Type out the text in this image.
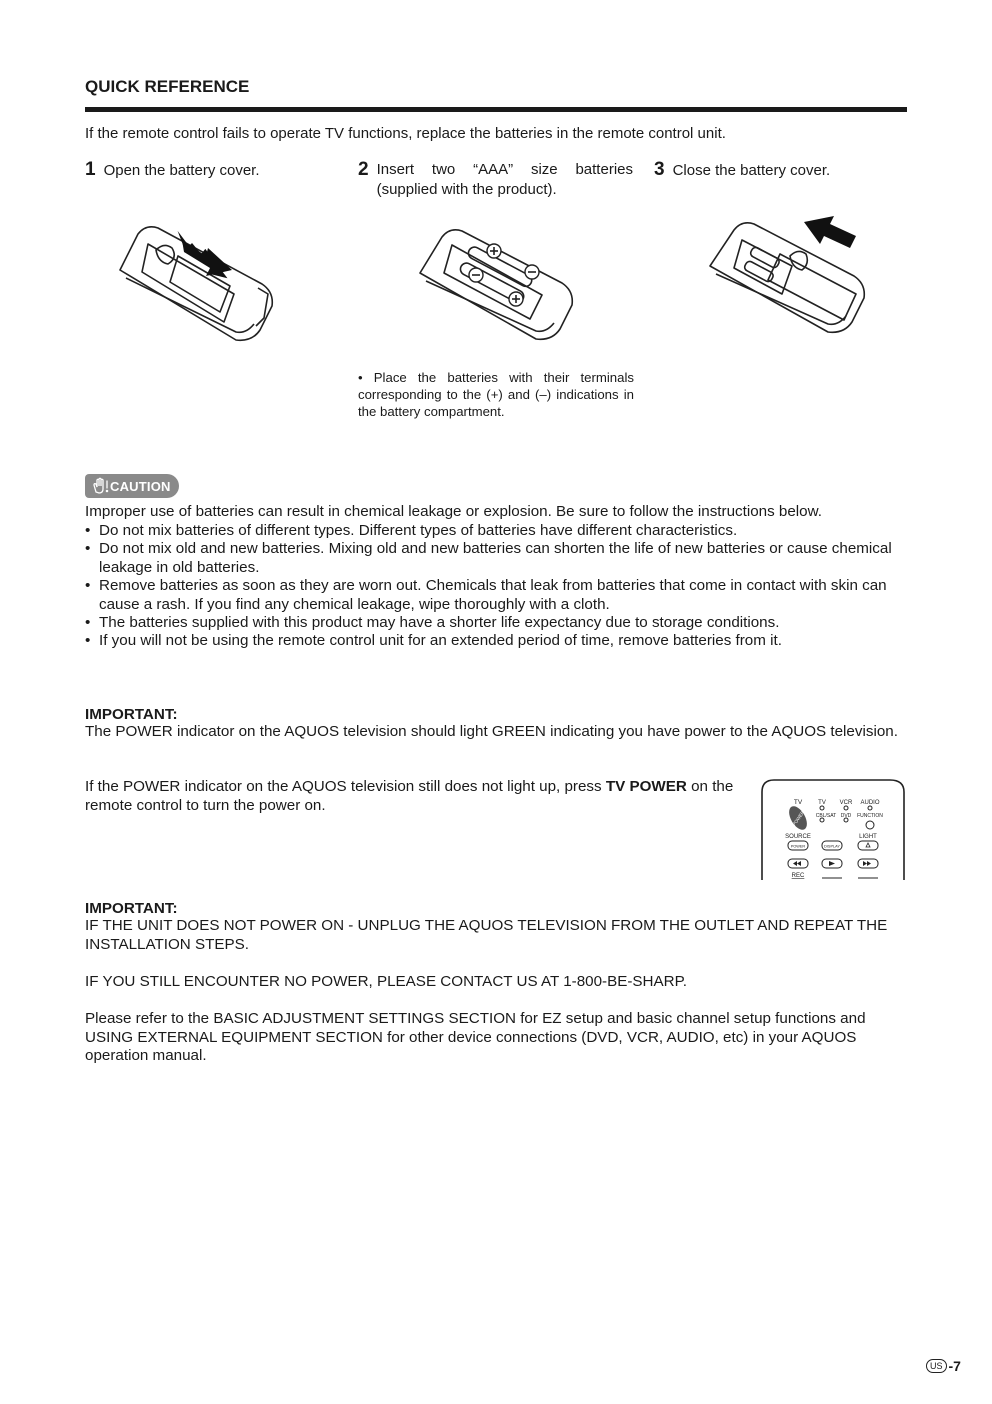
QUICK REFERENCE

If the remote control fails to operate TV functions, replace the batteries in the remote control unit.

1 Open the battery cover.	2 Insert two “AAA” size batteries (supplied with the product).
3 Close the battery cover.
• Place the batteries with their terminals corresponding to the (+) and (–) indications in the battery compartment.
CAUTION

Improper use of batteries can result in chemical leakage or explosion. Be sure to follow the instructions below.

• Do not mix batteries of different types. Different types of batteries have different characteristics.
• Do not mix old and new batteries. Mixing old and new batteries can shorten the life of new batteries or cause chemical leakage in old batteries.
• Remove batteries as soon as they are worn out. Chemicals that leak from batteries that come in contact with skin can cause a rash. If you find any chemical leakage, wipe thoroughly with a cloth.
• The batteries supplied with this product may have a shorter life expectancy due to storage conditions.
• If you will not be using the remote control unit for an extended period of time, remove batteries from it.

IMPORTANT:

The POWER indicator on the AQUOS television should light GREEN indicating you have power to the AQUOS television.

If the POWER indicator on the AQUOS television still does not light up, press TV POWER on the remote control to turn the power on.	TV	TV VCR AUDIO
CBL/SAT DVD FUNCTION
SOURCE	LIGHT
REC
POWER
POWER	DISPLAY

IMPORTANT:

IF THE UNIT DOES NOT POWER ON - UNPLUG THE AQUOS TELEVISION FROM THE OUTLET AND REPEAT THE INSTALLATION STEPS.

IF YOU STILL ENCOUNTER NO POWER, PLEASE CONTACT US AT 1-800-BE-SHARP.

Please refer to the BASIC ADJUSTMENT SETTINGS SECTION for EZ setup and basic channel setup functions and USING EXTERNAL EQUIPMENT SECTION for other device connections (DVD, VCR, AUDIO, etc) in your AQUOS operation manual.

US -7
